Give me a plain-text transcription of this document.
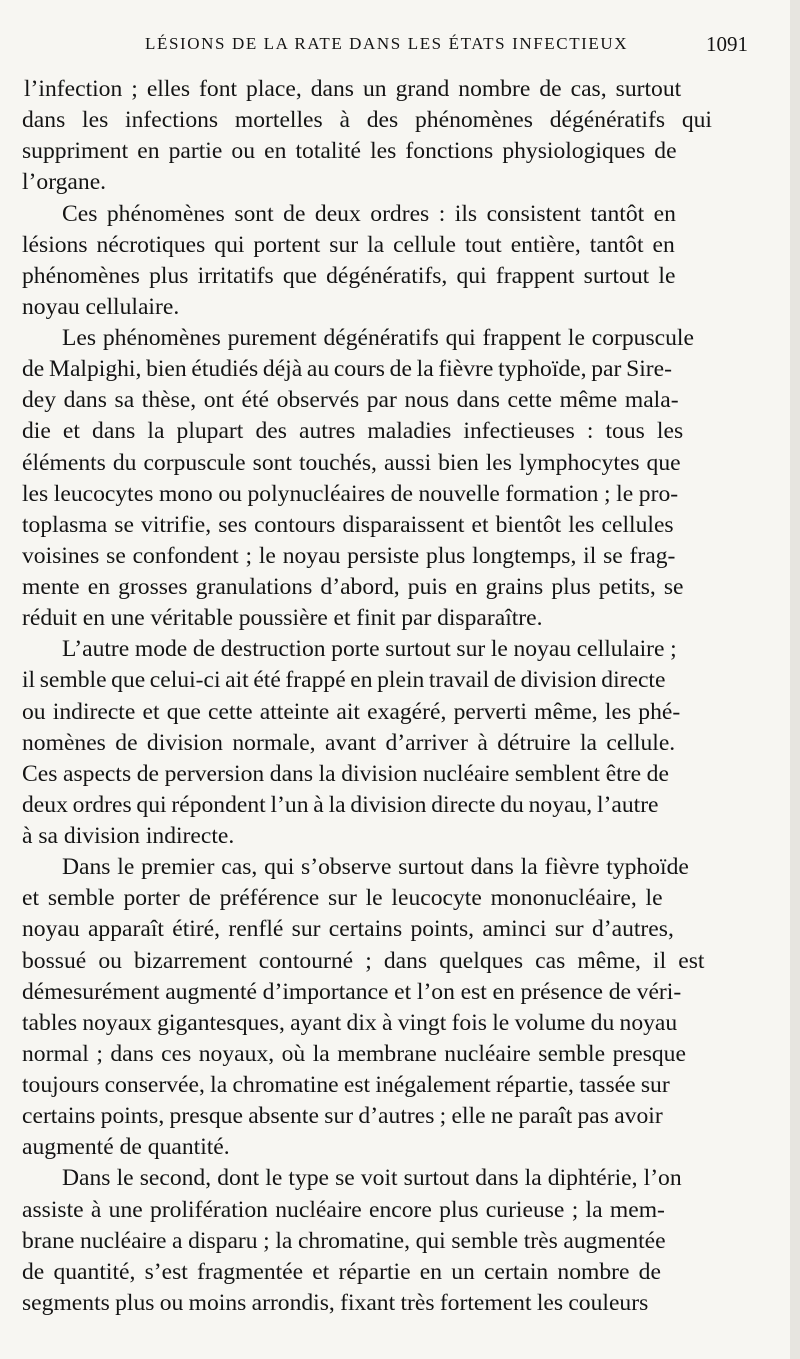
LÉSIONS DE LA RATE DANS LES ÉTATS INFECTIEUX	1091
l’infection ; elles font place, dans un grand nombre de cas, surtout
dans les infections mortelles à des phénomènes dégénératifs qui
suppriment en partie ou en totalité les fonctions physiologiques de
l’organe.
Ces phénomènes sont de deux ordres : ils consistent tantôt en
lésions nécrotiques qui portent sur la cellule tout entière, tantôt en
phénomènes plus irritatifs que dégénératifs, qui frappent surtout le
noyau cellulaire.
Les phénomènes purement dégénératifs qui frappent le corpuscule
de Malpighi, bien étudiés déjà au cours de la fièvre typhoïde, par Sire-
dey dans sa thèse, ont été observés par nous dans cette même mala-
die et dans la plupart des autres maladies infectieuses : tous les
éléments du corpuscule sont touchés, aussi bien les lymphocytes que
les leucocytes mono ou polynucléaires de nouvelle formation ; le pro-
toplasma se vitrifie, ses contours disparaissent et bientôt les cellules
voisines se confondent ; le noyau persiste plus longtemps, il se frag-
mente en grosses granulations d’abord, puis en grains plus petits, se
réduit en une véritable poussière et finit par disparaître.
L’autre mode de destruction porte surtout sur le noyau cellulaire ;
il semble que celui-ci ait été frappé en plein travail de division directe
ou indirecte et que cette atteinte ait exagéré, perverti même, les phé-
nomènes de division normale, avant d’arriver à détruire la cellule.
Ces aspects de perversion dans la division nucléaire semblent être de
deux ordres qui répondent l’un à la division directe du noyau, l’autre
à sa division indirecte.
Dans le premier cas, qui s’observe surtout dans la fièvre typhoïde
et semble porter de préférence sur le leucocyte mononucléaire, le
noyau apparaît étiré, renflé sur certains points, aminci sur d’autres,
bossué ou bizarrement contourné ; dans quelques cas même, il est
démesurément augmenté d’importance et l’on est en présence de véri-
tables noyaux gigantesques, ayant dix à vingt fois le volume du noyau
normal ; dans ces noyaux, où la membrane nucléaire semble presque
toujours conservée, la chromatine est inégalement répartie, tassée sur
certains points, presque absente sur d’autres ; elle ne paraît pas avoir
augmenté de quantité.
Dans le second, dont le type se voit surtout dans la diphtérie, l’on
assiste à une prolifération nucléaire encore plus curieuse ; la mem-
brane nucléaire a disparu ; la chromatine, qui semble très augmentée
de quantité, s’est fragmentée et répartie en un certain nombre de
segments plus ou moins arrondis, fixant très fortement les couleurs
